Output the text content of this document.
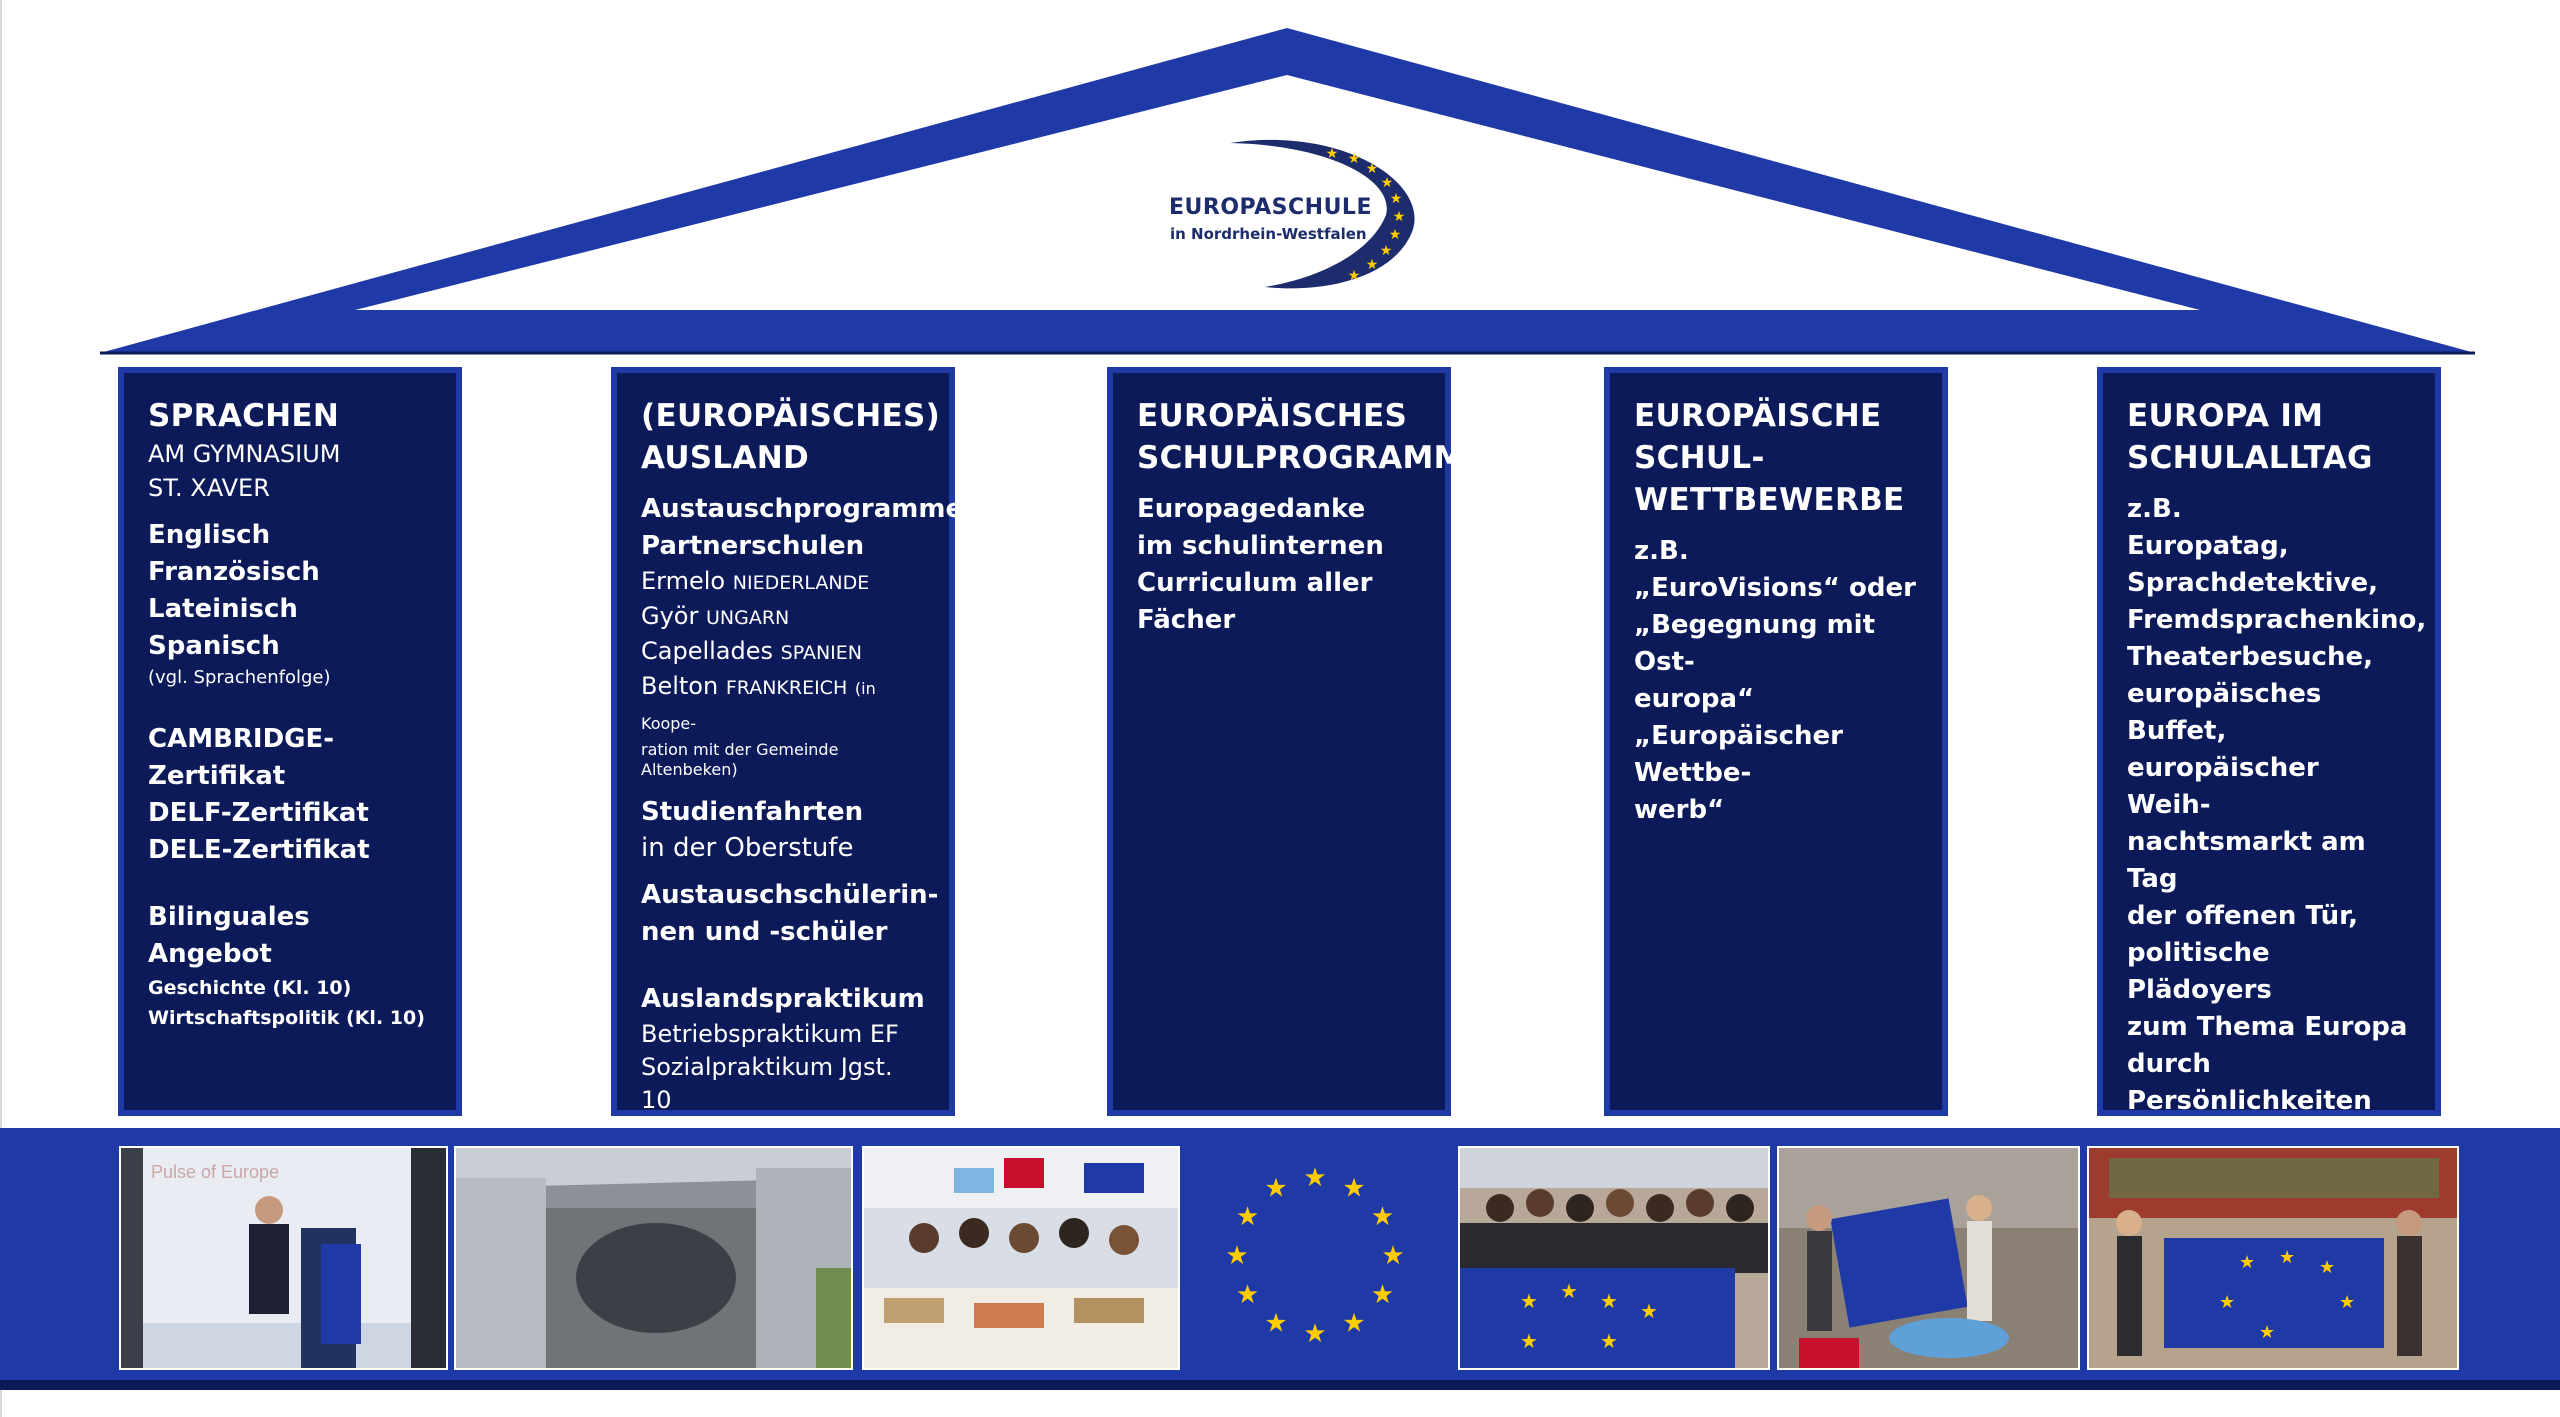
★ ★
★
★
★
★
★
★
★
★
EUROPASCHULE
in Nordrhein-Westfalen

SPRACHEN

AM GYMNASIUM

ST. XAVER

Englisch

Französisch

Lateinisch

Spanisch

(vgl. Sprachenfolge)

CAMBRIDGE-Zertifikat

DELF-Zertifikat

DELE-Zertifikat

Bilinguales Angebot

Geschichte (Kl. 10)

Wirtschaftspolitik (Kl. 10)

(EUROPÄISCHES)

AUSLAND

Austauschprogramme

Partnerschulen

Ermelo NIEDERLANDE

Györ UNGARN

Capellades SPANIEN

Belton FRANKREICH (in Koope-

ration mit der Gemeinde Altenbeken)

Studienfahrten

in der Oberstufe

Austauschschülerin-

nen und -schüler

Auslandspraktikum

Betriebspraktikum EF

Sozialpraktikum Jgst. 10

EUROPÄISCHES

SCHULPROGRAMM

Europagedanke

im schulinternen

Curriculum aller

Fächer

EUROPÄISCHE

SCHUL-

WETTBEWERBE

z.B.

„EuroVisions“ oder

„Begegnung mit Ost-

europa“

„Europäischer Wettbe-

werb“

EUROPA IM

SCHULALLTAG

z.B.

Europatag,

Sprachdetektive,

Fremdsprachenkino,

Theaterbesuche,

europäisches Buffet,

europäischer Weih-

nachtsmarkt am Tag

der offenen Tür,

politische Plädoyers

zum Thema Europa

durch Persönlichkeiten

Pulse of Europe	★ ★
★
★
★
★
★
★
★
★
★
★
★ ★ ★
★	★
★
★ ★ ★
★	★
★
